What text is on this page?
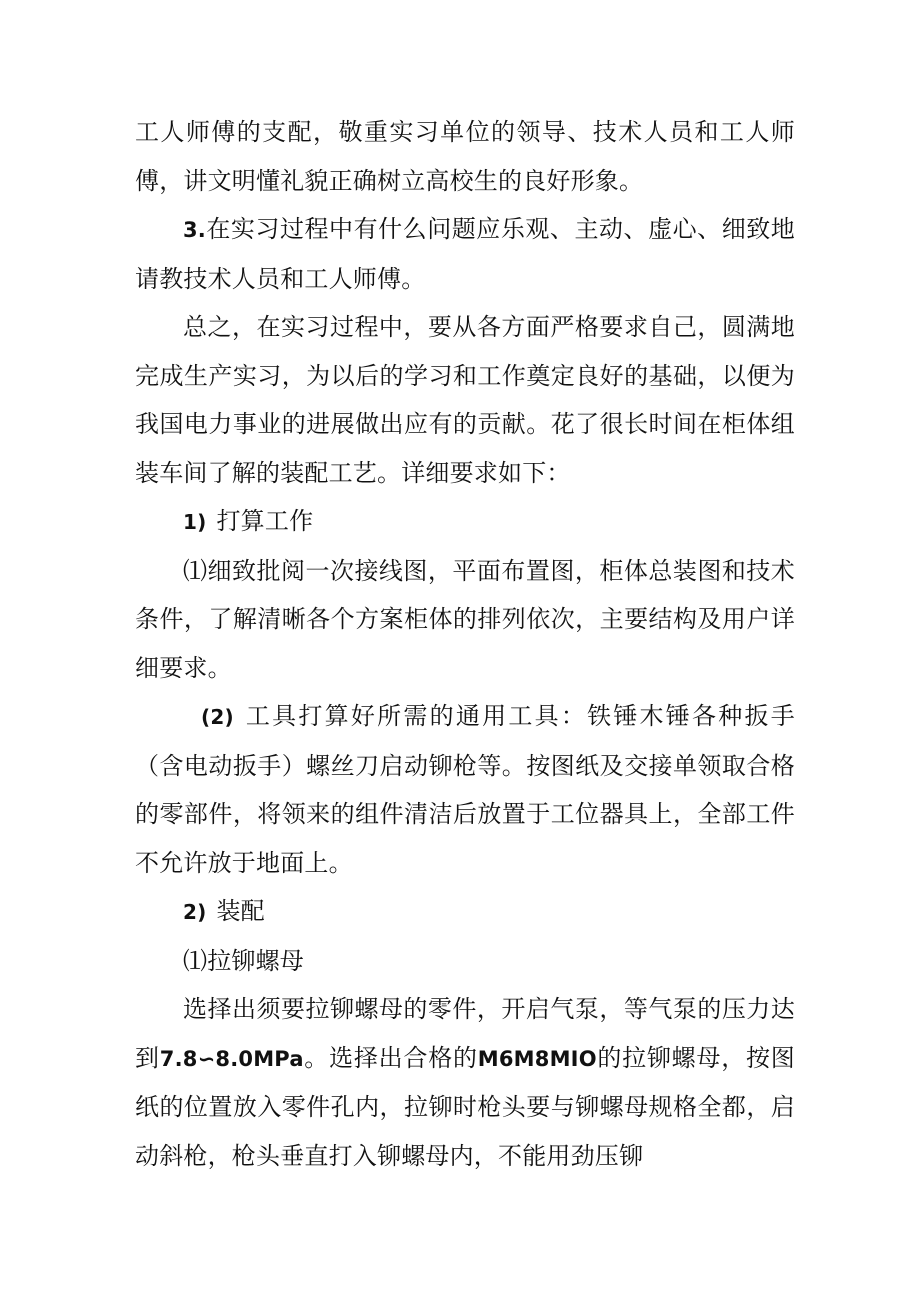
工人师傅的支配，敬重实习单位的领导、技术人员和工人师傅，讲文明懂礼貌正确树立高校生的良好形象。

3.在实习过程中有什么问题应乐观、主动、虚心、细致地请教技术人员和工人师傅。

总之，在实习过程中，要从各方面严格要求自己，圆满地完成生产实习，为以后的学习和工作奠定良好的基础，以便为我国电力事业的进展做出应有的贡献。花了很长时间在柜体组装车间了解的装配工艺。详细要求如下：

1) 打算工作

⑴细致批阅一次接线图，平面布置图，柜体总装图和技术条件，了解清晰各个方案柜体的排列依次，主要结构及用户详细要求。

(2) 工具打算好所需的通用工具：铁锤木锤各种扳手（含电动扳手）螺丝刀启动铆枪等。按图纸及交接单领取合格的零部件，将领来的组件清洁后放置于工位器具上，全部工件不允许放于地面上。

2) 装配

⑴拉铆螺母

选择出须要拉铆螺母的零件，开启气泵，等气泵的压力达到7.8∽8.0MPa。选择出合格的M6M8MIO的拉铆螺母，按图纸的位置放入零件孔内，拉铆时枪头要与铆螺母规格全都，启动斜枪，枪头垂直打入铆螺母内，不能用劲压铆
